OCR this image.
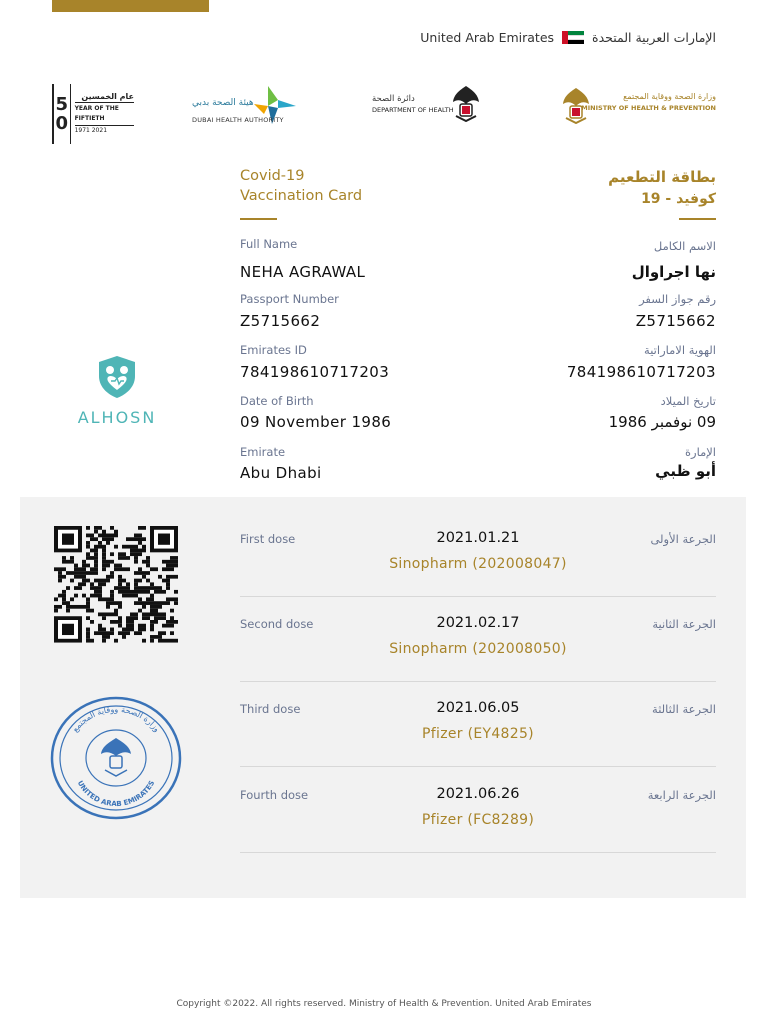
United Arab Emirates	الإمارات العربية المتحدة
5
0
عام الخمسين
YEAR OF THE FIFTIETH
1971 2021
هيئة الصحة بدبي
DUBAI HEALTH AUTHORITY
دائرة الصحة
DEPARTMENT OF HEALTH
وزارة الصحة ووقاية المجتمع
MINISTRY OF HEALTH & PREVENTION
Covid-19
Vaccination Card
بطاقة التطعيم
كوفيد - 19
Full Name	الاسم الكامل
NEHA AGRAWAL	نها اجراوال
Passport Number	رقم جواز السفر
Z5715662	Z5715662
Emirates ID	الهوية الاماراتية
784198610717203	784198610717203
Date of Birth	تاريخ الميلاد
09 November 1986	09 نوفمبر 1986
Emirate	الإمارة
Abu Dhabi	أبو ظبي
ALHOSN
وزارة الصحة ووقاية المجتمع
UNITED ARAB EMIRATES
First dose	2021.01.21	الجرعة الأولى
Sinopharm (202008047)
Second dose	2021.02.17	الجرعة الثانية
Sinopharm (202008050)
Third dose	2021.06.05	الجرعة الثالثة
Pfizer (EY4825)
Fourth dose	2021.06.26	الجرعة الرابعة
Pfizer (FC8289)
Copyright ©2022. All rights reserved. Ministry of Health & Prevention. United Arab Emirates
